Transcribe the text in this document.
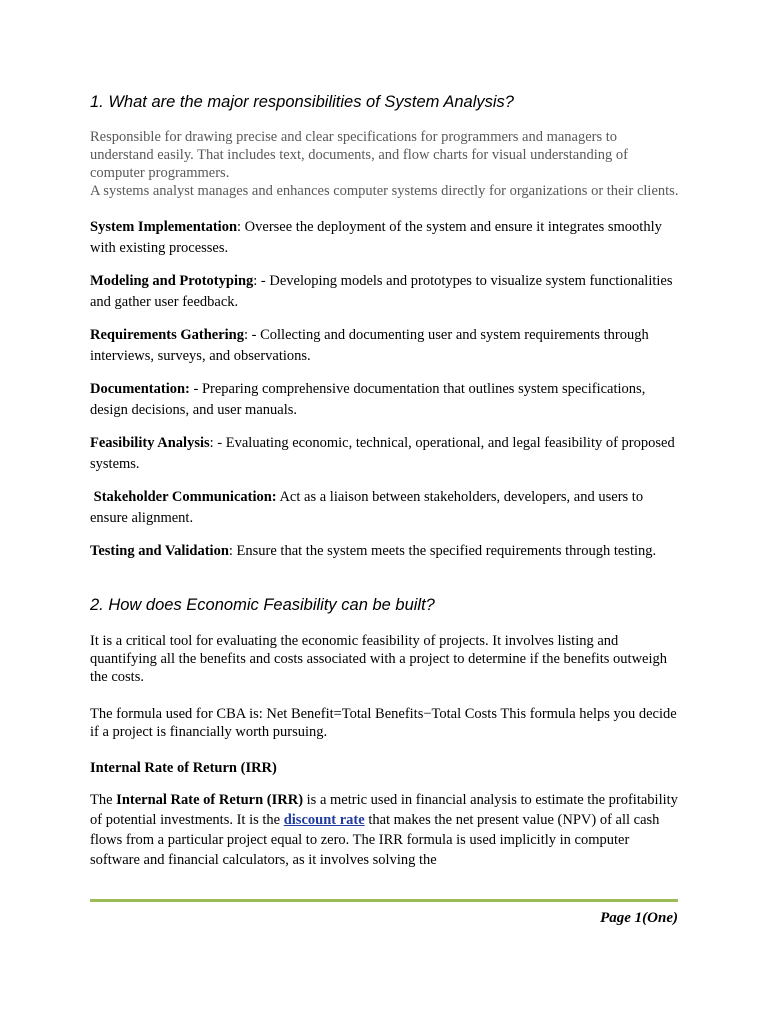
1. What are the major responsibilities of System Analysis?

Responsible for drawing precise and clear specifications for programmers and managers to understand easily. That includes text, documents, and flow charts for visual understanding of computer programmers.

A systems analyst manages and enhances computer systems directly for organizations or their clients.

System Implementation: Oversee the deployment of the system and ensure it integrates smoothly with existing processes.

Modeling and Prototyping: - Developing models and prototypes to visualize system functionalities and gather user feedback.

Requirements Gathering: - Collecting and documenting user and system requirements through interviews, surveys, and observations.

Documentation: - Preparing comprehensive documentation that outlines system specifications, design decisions, and user manuals.

Feasibility Analysis: - Evaluating economic, technical, operational, and legal feasibility of proposed systems.

Stakeholder Communication: Act as a liaison between stakeholders, developers, and users to ensure alignment.

Testing and Validation: Ensure that the system meets the specified requirements through testing.

2. How does Economic Feasibility can be built?

It is a critical tool for evaluating the economic feasibility of projects. It involves listing and quantifying all the benefits and costs associated with a project to determine if the benefits outweigh the costs.

The formula used for CBA is: Net Benefit=Total Benefits−Total Costs This formula helps you decide if a project is financially worth pursuing.

Internal Rate of Return (IRR)

The Internal Rate of Return (IRR) is a metric used in financial analysis to estimate the profitability of potential investments. It is the discount rate that makes the net present value (NPV) of all cash flows from a particular project equal to zero. The IRR formula is used implicitly in computer software and financial calculators, as it involves solving the

Page 1(One)
